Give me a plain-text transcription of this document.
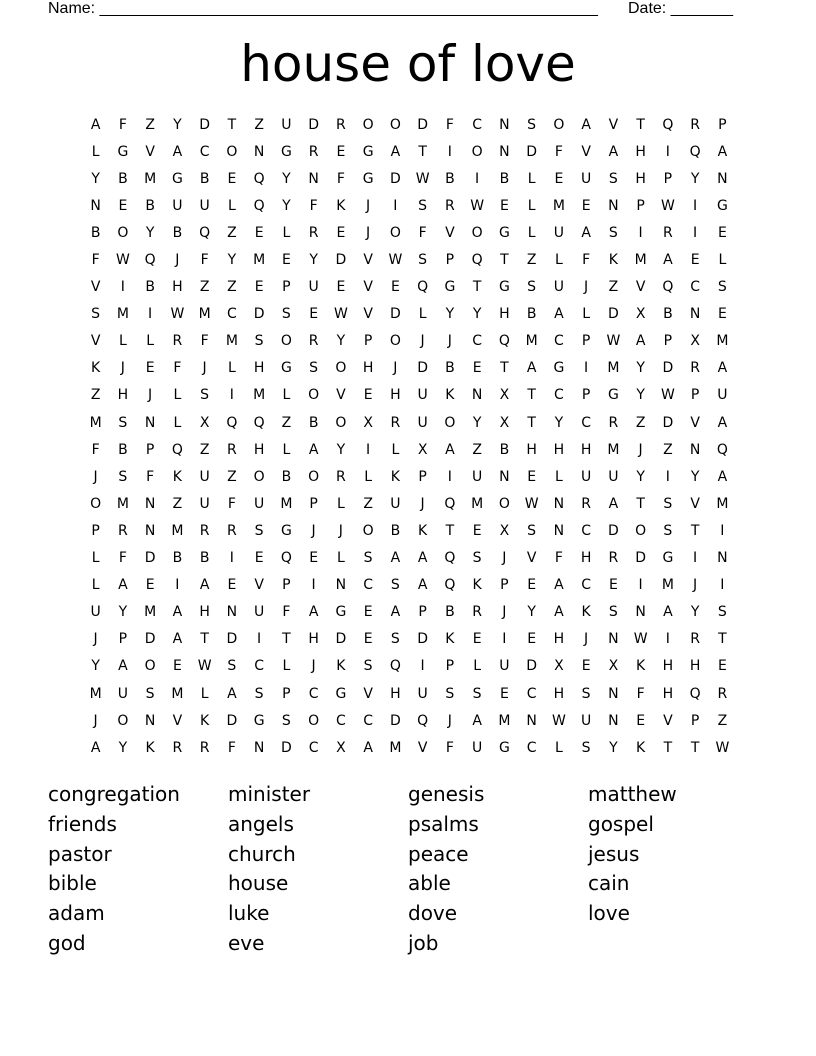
Name: ________________________________________________________ Date: _______
house of love
A	F	Z	Y	D	T	Z	U	D	R	O	O	D	F	C	N	S	O	A	V	T	Q	R	P
L	G	V	A	C	O	N	G	R	E	G	A	T	I	O	N	D	F	V	A	H	I	Q	A
Y	B	M	G	B	E	Q	Y	N	F	G	D	W	B	I	B	L	E	U	S	H	P	Y	N
N	E	B	U	U	L	Q	Y	F	K	J	I	S	R	W	E	L	M	E	N	P	W	I	G
B	O	Y	B	Q	Z	E	L	R	E	J	O	F	V	O	G	L	U	A	S	I	R	I	E
F	W	Q	J	F	Y	M	E	Y	D	V	W	S	P	Q	T	Z	L	F	K	M	A	E	L
V	I	B	H	Z	Z	E	P	U	E	V	E	Q	G	T	G	S	U	J	Z	V	Q	C	S
S	M	I	W	M	C	D	S	E	W	V	D	L	Y	Y	H	B	A	L	D	X	B	N	E
V	L	L	R	F	M	S	O	R	Y	P	O	J	J	C	Q	M	C	P	W	A	P	X	M
K	J	E	F	J	L	H	G	S	O	H	J	D	B	E	T	A	G	I	M	Y	D	R	A
Z	H	J	L	S	I	M	L	O	V	E	H	U	K	N	X	T	C	P	G	Y	W	P	U
M	S	N	L	X	Q	Q	Z	B	O	X	R	U	O	Y	X	T	Y	C	R	Z	D	V	A
F	B	P	Q	Z	R	H	L	A	Y	I	L	X	A	Z	B	H	H	H	M	J	Z	N	Q
J	S	F	K	U	Z	O	B	O	R	L	K	P	I	U	N	E	L	U	U	Y	I	Y	A
O	M	N	Z	U	F	U	M	P	L	Z	U	J	Q	M	O	W	N	R	A	T	S	V	M
P	R	N	M	R	R	S	G	J	J	O	B	K	T	E	X	S	N	C	D	O	S	T	I
L	F	D	B	B	I	E	Q	E	L	S	A	A	Q	S	J	V	F	H	R	D	G	I	N
L	A	E	I	A	E	V	P	I	N	C	S	A	Q	K	P	E	A	C	E	I	M	J	I
U	Y	M	A	H	N	U	F	A	G	E	A	P	B	R	J	Y	A	K	S	N	A	Y	S
J	P	D	A	T	D	I	T	H	D	E	S	D	K	E	I	E	H	J	N	W	I	R	T
Y	A	O	E	W	S	C	L	J	K	S	Q	I	P	L	U	D	X	E	X	K	H	H	E
M	U	S	M	L	A	S	P	C	G	V	H	U	S	S	E	C	H	S	N	F	H	Q	R
J	O	N	V	K	D	G	S	O	C	C	D	Q	J	A	M	N	W	U	N	E	V	P	Z
A	Y	K	R	R	F	N	D	C	X	A	M	V	F	U	G	C	L	S	Y	K	T	T	W
congregation
friends
pastor
bible
adam
god
minister
angels
church
house
luke
eve
genesis
psalms
peace
able
dove
job
matthew
gospel
jesus
cain
love
